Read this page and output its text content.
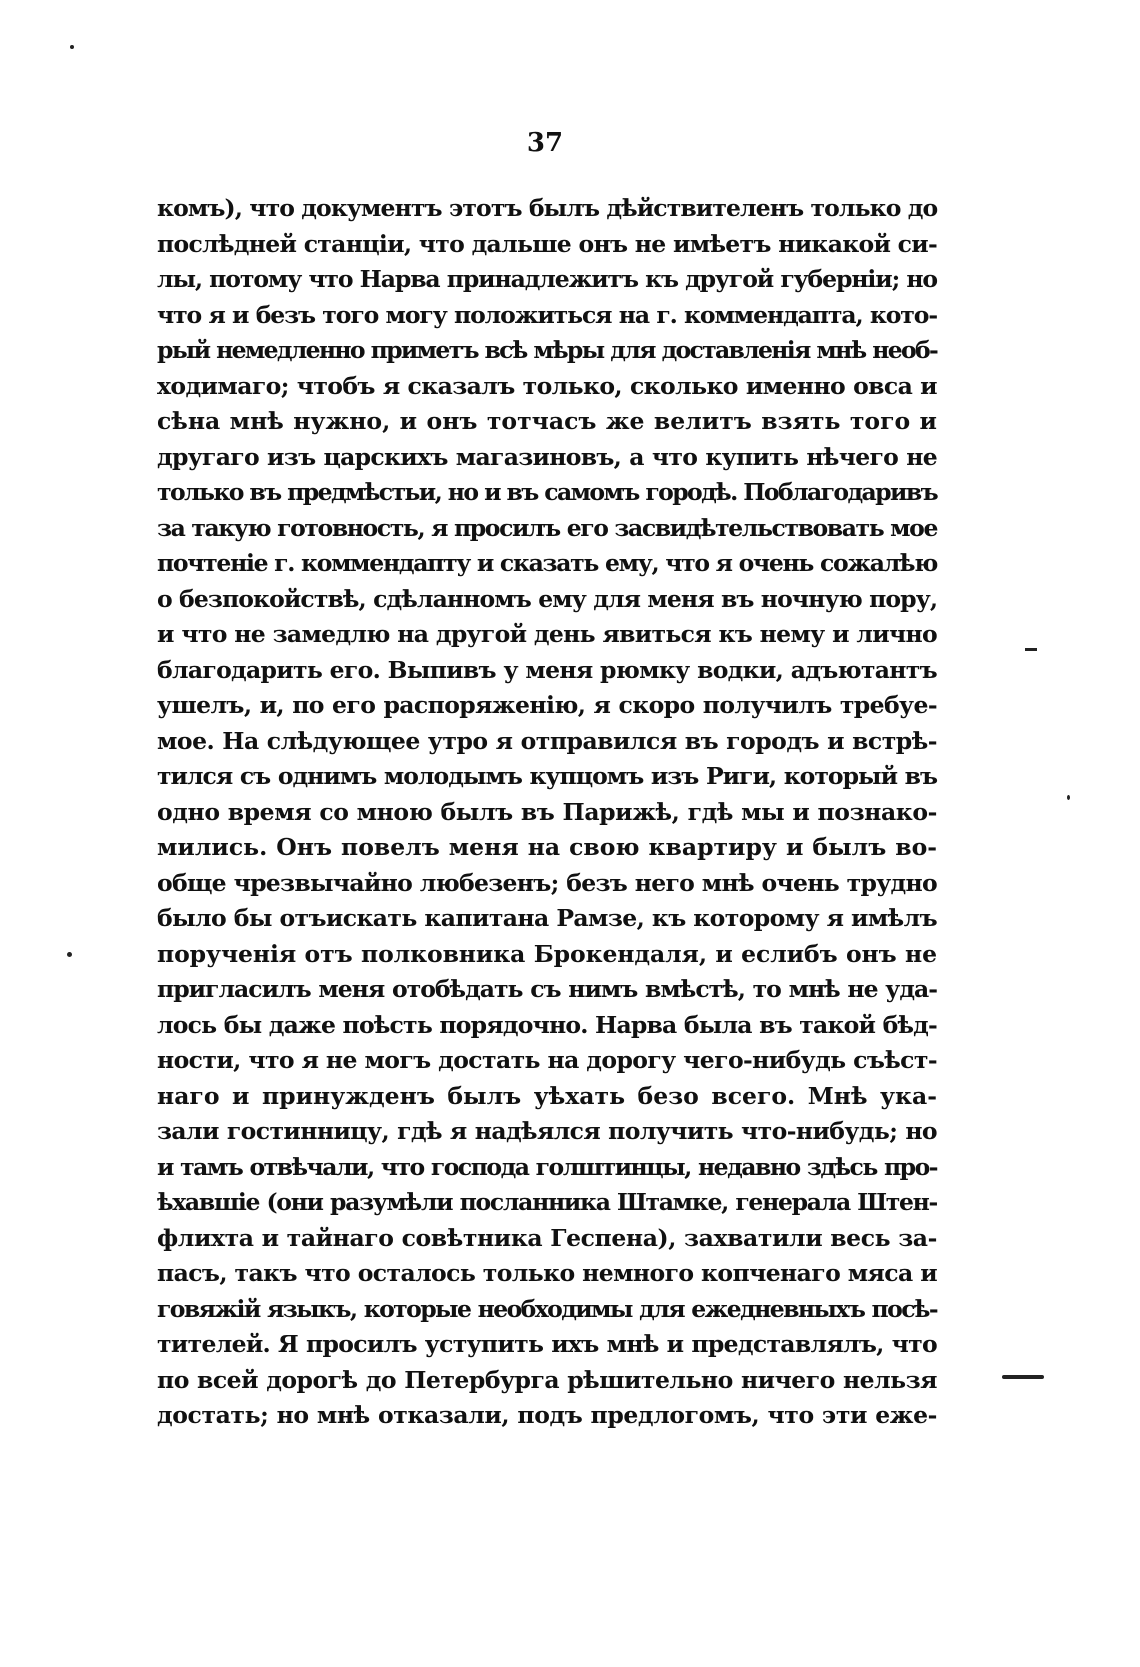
37
комъ), что документъ этотъ былъ дѣйствителенъ только до
послѣдней станціи, что дальше онъ не имѣетъ никакой си-
лы, потому что Нарва принадлежитъ къ другой губерніи; но
что я и безъ того могу положиться на г. коммендапта, кото-
рый немедленно приметъ всѣ мѣры для доставленія мнѣ необ-
ходимаго; чтобъ я сказалъ только, сколько именно овса и
сѣна мнѣ нужно, и онъ тотчасъ же велитъ взять того и
другаго изъ царскихъ магазиновъ, а что купить нѣчего не
только въ предмѣстьи, но и въ самомъ городѣ. Поблагодаривъ
за такую готовность, я просилъ его засвидѣтельствовать мое
почтеніе г. коммендапту и сказать ему, что я очень сожалѣю
о безпокойствѣ, сдѣланномъ ему для меня въ ночную пору,
и что не замедлю на другой день явиться къ нему и лично
благодарить его. Выпивъ у меня рюмку водки, адъютантъ
ушелъ, и, по его распоряженію, я скоро получилъ требуе-
мое. На слѣдующее утро я отправился въ городъ и встрѣ-
тился съ однимъ молодымъ купцомъ изъ Риги, который въ
одно время со мною былъ въ Парижѣ, гдѣ мы и познако-
мились. Онъ повелъ меня на свою квартиру и былъ во-
обще чрезвычайно любезенъ; безъ него мнѣ очень трудно
было бы отъискать капитана Рамзе, къ которому я имѣлъ
порученія отъ полковника Брокендаля, и еслибъ онъ не
пригласилъ меня отобѣдать съ нимъ вмѣстѣ, то мнѣ не уда-
лось бы даже поѣсть порядочно. Нарва была въ такой бѣд-
ности, что я не могъ достать на дорогу чего-нибудь съѣст-
наго и принужденъ былъ уѣхать безо всего. Мнѣ ука-
зали гостинницу, гдѣ я надѣялся получить что-нибудь; но
и тамъ отвѣчали, что господа голштинцы, недавно здѣсь про-
ѣхавшіе (они разумѣли посланника Штамке, генерала Штен-
флихта и тайнаго совѣтника Геспена), захватили весь за-
пасъ, такъ что осталось только немного копченаго мяса и
говяжій языкъ, которые необходимы для ежедневныхъ посѣ-
тителей. Я просилъ уступить ихъ мнѣ и представлялъ, что
по всей дорогѣ до Петербурга рѣшительно ничего нельзя
достать; но мнѣ отказали, подъ предлогомъ, что эти еже-
